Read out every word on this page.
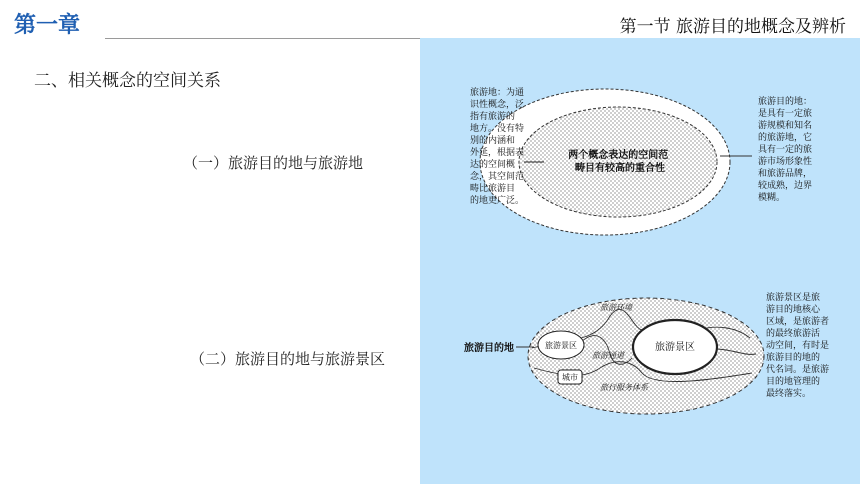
第一章	第一节 旅游目的地概念及辨析
二、相关概念的空间关系
（一）旅游目的地与旅游地
（二）旅游目的地与旅游景区
两个概念表达的空间范 畴目有较高的重合性
旅游地：为通 识性概念，泛 指有旅游的 地方。没有特 别的内涵和 外延，根据表 达的空间概 念，其空间范 畴比旅游目 的地更广泛。
旅游目的地： 是具有一定旅 游规模和知名 的旅游地，它 具有一定的旅 游市场形象性 和旅游品牌， 较成熟，边界 模糊。
旅游目的地
旅游环境
旅游景区	旅游景区
旅游通道
城市
旅行服务体系
旅游景区是旅 游目的地核心 区域，是旅游者 的最终旅游活 动空间，有时是 旅游目的地的 代名词。是旅游 目的地管理的 最终落实。
